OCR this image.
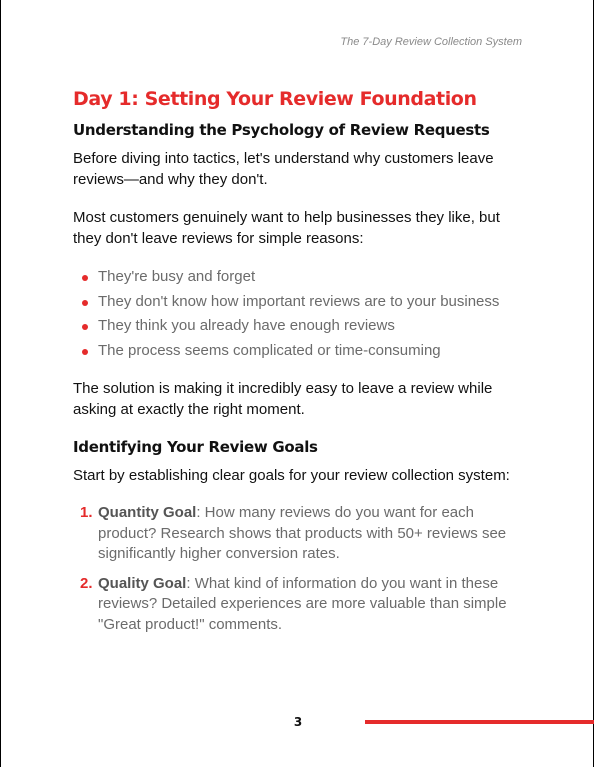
The 7-Day Review Collection System
Day 1: Setting Your Review Foundation
Understanding the Psychology of Review Requests

Before diving into tactics, let's understand why customers leave reviews—and why they don't.

Most customers genuinely want to help businesses they like, but they don't leave reviews for simple reasons:

They're busy and forget
They don't know how important reviews are to your business
They think you already have enough reviews
The process seems complicated or time-consuming

The solution is making it incredibly easy to leave a review while asking at exactly the right moment.

Identifying Your Review Goals

Start by establishing clear goals for your review collection system:

1. Quantity Goal: How many reviews do you want for each product? Research shows that products with 50+ reviews see significantly higher conversion rates.
2. Quality Goal: What kind of information do you want in these reviews? Detailed experiences are more valuable than simple "Great product!" comments.
3
